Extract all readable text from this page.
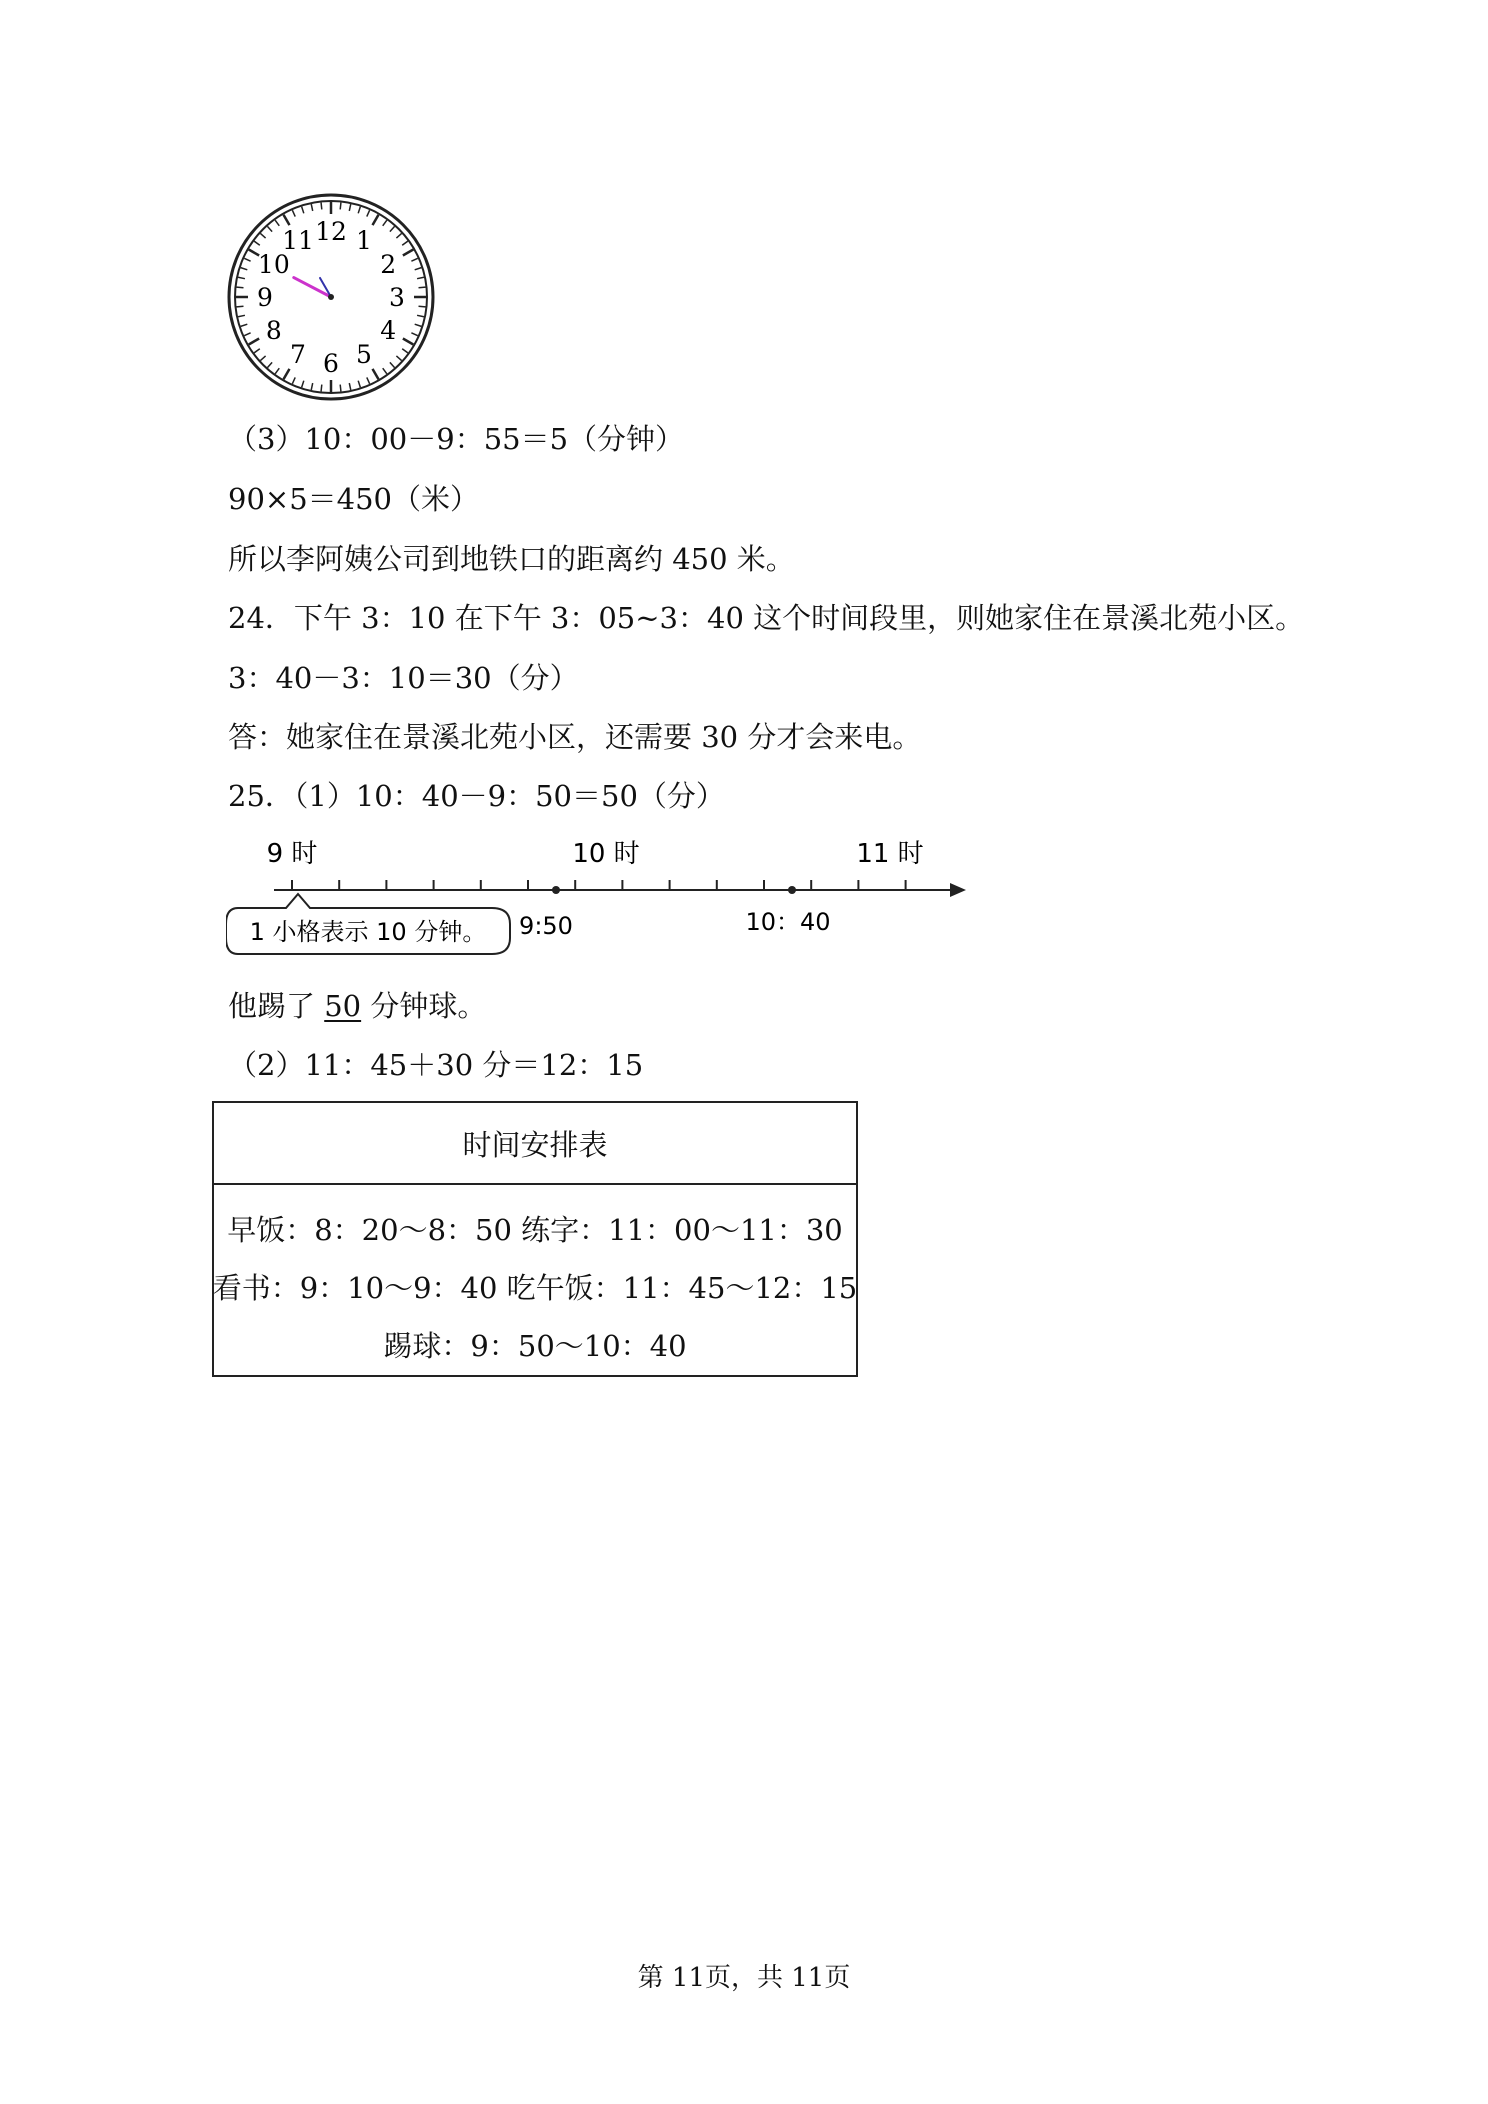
12 1
2
3
4
5
6
7
8
9
10
11
（3）10：00－9：55＝5（分钟）
90×5＝450（米）
所以李阿姨公司到地铁口的距离约 450 米。
24．下午 3：10 在下午 3：05~3：40 这个时间段里，则她家住在景溪北苑小区。
3：40－3：10＝30（分）
答：她家住在景溪北苑小区，还需要 30 分才会来电。
25．（1）10：40－9：50＝50（分）
9 时	10 时	11 时
9:50	10：40
1 小格表示 10 分钟。
他踢了 50 分钟球。
（2）11：45＋30 分＝12：15
时间安排表
早饭：8：20～8：50 练字：11：00～11：30
看书：9：10～9：40 吃午饭：11：45～12：15
踢球：9：50～10：40
第 11页，共 11页
